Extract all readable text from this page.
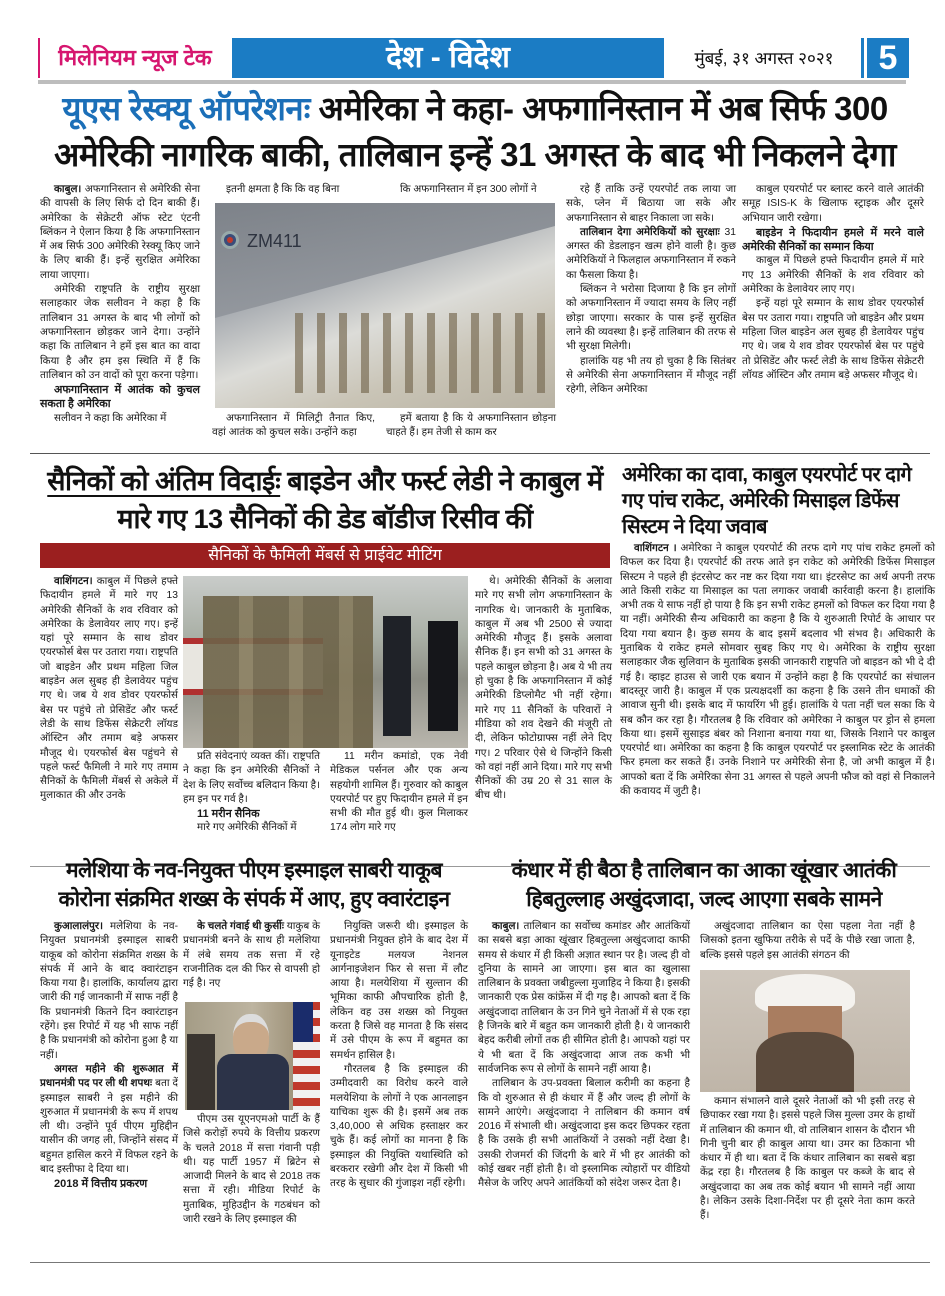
मिलेनियम न्यूज टेक	देश - विदेश	मुंबई, ३१ अगस्त २०२१	5
यूएस रेस्क्यू ऑपरेशनः अमेरिका ने कहा- अफगानिस्तान में अब सिर्फ 300 अमेरिकी नागरिक बाकी, तालिबान इन्हें 31 अगस्त के बाद भी निकलने देगा

काबुल। अफगानिस्तान से अमेरिकी सेना की वापसी के लिए सिर्फ दो दिन बाकी हैं। अमेरिका के सेक्रेटरी ऑफ स्टेट एंटनी ब्लिंकन ने ऐलान किया है कि अफगानिस्तान में अब सिर्फ 300 अमेरिकी रेस्क्यू किए जाने के लिए बाकी हैं। इन्हें सुरक्षित अमेरिका लाया जाएगा।

अमेरिकी राष्ट्रपति के राष्ट्रीय सुरक्षा सलाहकार जेक सलीवन ने कहा है कि तालिबान 31 अगस्त के बाद भी लोगों को अफगानिस्तान छोड़कर जाने देगा। उन्होंने कहा कि तालिबान ने हमें इस बात का वादा किया है और हम इस स्थिति में हैं कि तालिबान को उन वादों को पूरा करना पड़ेगा।

अफगानिस्तान में आतंक को कुचल सकता है अमेरिका

सलीवन ने कहा कि अमेरिका में

इतनी क्षमता है कि कि वह बिना	कि अफगानिस्तान में इन 300 लोगों ने

ZM411

अफगानिस्तान में मिलिट्री तैनात किए, वहां आतंक को कुचल सके। उन्होंने कहा

हमें बताया है कि ये अफगानिस्तान छोड़ना चाहते हैं। हम तेजी से काम कर

रहे हैं ताकि उन्हें एयरपोर्ट तक लाया जा सके, प्लेन में बिठाया जा सके और अफगानिस्तान से बाहर निकाला जा सके।

तालिबान देगा अमेरिकियों को सुरक्षाः 31 अगस्त की डेडलाइन खत्म होने वाली है। कुछ अमेरिकियों ने फिलहाल अफगानिस्तान में रुकने का फैसला किया है।

ब्लिंकन ने भरोसा दिजाया है कि इन लोगों को अफगानिस्तान में ज्यादा समय के लिए नहीं छोड़ा जाएगा। सरकार के पास इन्हें सुरक्षित लाने की व्यवस्था है। इन्हें तालिबान की तरफ से भी सुरक्षा मिलेगी।

हालांकि यह भी तय हो चुका है कि सितंबर से अमेरिकी सेना अफगानिस्तान में मौजूद नहीं रहेगी, लेकिन अमेरिका

काबुल एयरपोर्ट पर ब्लास्ट करने वाले आतंकी समूह ISIS-K के खिलाफ स्ट्राइक और दूसरे अभियान जारी रखेगा।

बाइडेन ने फिदायीन हमले में मरने वाले अमेरिकी सैनिकों का सम्मान किया

काबुल में पिछले हफ्ते फिदायीन हमले में मारे गए 13 अमेरिकी सैनिकों के शव रविवार को अमेरिका के डेलावेयर लाए गए।

इन्हें यहां पूरे सम्मान के साथ डोवर एयरफोर्स बेस पर उतारा गया। राष्ट्रपति जो बाइडेन और प्रथम महिला जिल बाइडेन अल सुबह ही डेलावेयर पहुंच गए थे। जब ये शव डोवर एयरफोर्स बेस पर पहुंचे तो प्रेसिडेंट और फर्स्ट लेडी के साथ डिफेंस सेक्रेटरी लॉयड ऑस्टिन और तमाम बड़े अफसर मौजूद थे।

सैनिकों को अंतिम विदाईः बाइडेन और फर्स्ट लेडी ने काबुल में मारे गए 13 सैनिकों की डेड बॉडीज रिसीव कीं
सैनिकों के फैमिली मेंबर्स से प्राईवेट मीटिंग

वाशिंगटन। काबुल में पिछले हफ्ते फिदायीन हमले में मारे गए 13 अमेरिकी सैनिकों के शव रविवार को अमेरिका के डेलावेयर लाए गए। इन्हें यहां पूरे सम्मान के साथ डोवर एयरफोर्स बेस पर उतारा गया। राष्ट्रपति जो बाइडेन और प्रथम महिला जिल बाइडेन अल सुबह ही डेलावेयर पहुंच गए थे। जब ये शव डोवर एयरफोर्स बेस पर पहुंचे तो प्रेसिडेंट और फर्स्ट लेडी के साथ डिफेंस सेक्रेटरी लॉयड ऑस्टिन और तमाम बड़े अफसर मौजूद थे। एयरफोर्स बेस पहुंचने से पहले फर्स्ट फैमिली ने मारे गए तमाम सैनिकों के फैमिली मेंबर्स से अकेले में मुलाकात की और उनके

प्रति संवेदनाएं व्यक्त कीं। राष्ट्रपति ने कहा कि इन अमेरिकी सैनिकों ने देश के लिए सर्वोच्च बलिदान किया है। हम इन पर गर्व है।

11 मरीन सैनिक

मारे गए अमेरिकी सैनिकों में

11 मरीन कमांडो, एक नेवी मेडिकल पर्सनल और एक अन्य सहयोगी शामिल हैं। गुरुवार को काबुल एयरपोर्ट पर हुए फिदायीन हमले में इन सभी की मौत हुई थी। कुल मिलाकर 174 लोग मारे गए

थे। अमेरिकी सैनिकों के अलावा मारे गए सभी लोग अफगानिस्तान के नागरिक थे। जानकारी के मुताबिक, काबुल में अब भी 2500 से ज्यादा अमेरिकी मौजूद हैं। इसके अलावा सैनिक हैं। इन सभी को 31 अगस्त के पहले काबुल छोड़ना है। अब ये भी तय हो चुका है कि अफगानिस्तान में कोई अमेरिकी डिप्लोमैट भी नहीं रहेगा। मारे गए 11 सैनिकों के परिवारों ने मीडिया को शव देखने की मंजूरी तो दी, लेकिन फोटोग्राफ्स नहीं लेने दिए गए। 2 परिवार ऐसे थे जिन्होंने किसी को वहां नहीं आने दिया। मारे गए सभी सैनिकों की उम्र 20 से 31 साल के बीच थी।

अमेरिका का दावा, काबुल एयरपोर्ट पर दागे गए पांच राकेट, अमेरिकी मिसाइल डिफेंस सिस्टम ने दिया जवाब

वाशिंगटन । अमेरिका ने काबुल एयरपोर्ट की तरफ दागे गए पांच राकेट हमलों को विफल कर दिया है। एयरपोर्ट की तरफ आते इन राकेट को अमेरिकी डिफेंस मिसाइल सिस्टम ने पहले ही इंटरसेप्ट कर नष्ट कर दिया गया था। इंटरसेप्ट का अर्थ अपनी तरफ आते किसी राकेट या मिसाइल का पता लगाकर जवाबी कार्रवाही करना है। हालांकि अभी तक ये साफ नहीं हो पाया है कि इन सभी राकेट हमलों को विफल कर दिया गया है या नहीं। अमेरिकी सैन्य अधिकारी का कहना है कि ये शुरुआती रिपोर्ट के आधार पर दिया गया बयान है। कुछ समय के बाद इसमें बदलाव भी संभव है। अधिकारी के मुताबिक ये राकेट हमले सोमवार सुबह किए गए थे। अमेरिका के राष्ट्रीय सुरक्षा सलाहकार जैक सुलिवान के मुताबिक इसकी जानकारी राष्ट्रपति जो बाइडन को भी दे दी गई है। व्हाइट हाउस से जारी एक बयान में उन्होंने कहा है कि एयरपोर्ट का संचालन बादस्तूर जारी है। काबुल में एक प्रत्यक्षदर्शी का कहना है कि उसने तीन धमाकों की आवाज सुनी थी। इसके बाद में फायरिंग भी हुई। हालांकि ये पता नहीं चल सका कि ये सब कौन कर रहा है। गौरतलब है कि रविवार को अमेरिका ने काबुल पर ड्रोन से हमला किया था। इसमें सुसाइड बंबर को निशाना बनाया गया था, जिसके निशाने पर काबुल एयरपोर्ट था। अमेरिका का कहना है कि काबुल एयरपोर्ट पर इस्लामिक स्टेट के आतंकी फिर हमला कर सकते हैं। उनके निशाने पर अमेरिकी सेना है, जो अभी काबुल में है। आपको बता दें कि अमेरिका सेना 31 अगस्त से पहले अपनी फौज को वहां से निकालने की कवायद में जुटी है।

मलेशिया के नव-नियुक्त पीएम इस्माइल साबरी याकूब कोरोना संक्रमित शख्स के संपर्क में आए, हुए क्वारंटाइन

कुआलालंपुर। मलेशिया के नव-नियुक्त प्रधानमंत्री इस्माइल साबरी याकूब को कोरोना संक्रमित शख्स के संपर्क में आने के बाद क्वारंटाइन किया गया है। हालांकि, कार्यालय द्वारा जारी की गई जानकानी में साफ नहीं है कि प्रधानमंत्री कितने दिन क्वारंटाइन रहेंगे। इस रिपोर्ट में यह भी साफ नहीं है कि प्रधानमंत्री को कोरोना हुआ है या नहीं।

अगस्त महीने की शुरूआत में प्रधानमंत्री पद पर ली थी शपथः बता दें इस्माइल साबरी ने इस महीने की शुरुआत में प्रधानमंत्री के रूप में शपथ ली थी। उन्होंने पूर्व पीएम मुहिद्दीन यासीन की जगह ली, जिन्होंने संसद में बहुमत हासिल करने में विफल रहने के बाद इस्तीफा दे दिया था।

2018 में वित्तीय प्रकरण

के चलते गंवाई थी कुर्सीः याकुब के प्रधानमंत्री बनने के साथ ही मलेशिया में लंबे समय तक सत्ता में रहे राजनीतिक दल की फिर से वापसी हो गई है। नए

पीएम उस यूएनएमओ पार्टी के हैं जिसे करोड़ों रुपये के वित्तीय प्रकरण के चलते 2018 में सत्ता गंवानी पड़ी थी। यह पार्टी 1957 में ब्रिटेन से आजादी मिलने के बाद से 2018 तक सत्ता में रही। मीडिया रिपोर्ट के मुताबिक, मुहिउद्दीन के गठबंधन को जारी रखने के लिए इस्माइल की

नियुक्ति जरूरी थी। इस्माइल के प्रधानमंत्री नियुक्त होने के बाद देश में यूनाइटेड मलयज नेशनल आर्गनाइजेशन फिर से सत्ता में लौट आया है। मलयेशिया में सुल्तान की भूमिका काफी औपचारिक होती है, लेकिन वह उस शख्स को नियुक्त करता है जिसे वह मानता है कि संसद में उसे पीएम के रूप में बहुमत का समर्थन हासिल है।

गौरतलब है कि इस्माइल की उम्मीदवारी का विरोध करने वाले मलयेशिया के लोगों ने एक आनलाइन याचिका शुरू की है। इसमें अब तक 3,40,000 से अधिक हस्ताक्षर कर चुके हैं। कई लोगों का मानना है कि इस्माइल की नियुक्ति यथास्थिति को बरकरार रखेगी और देश में किसी भी तरह के सुधार की गुंजाइश नहीं रहेगी।

कंधार में ही बैठा है तालिबान का आका खूंखार आतंकी हिबतुल्लाह अखुंदजादा, जल्द आएगा सबके सामने

काबुल। तालिबान का सर्वोच्च कमांडर और आतंकियों का सबसे बड़ा आका खूंखार हिबतुल्ला अखुंदजादा काफी समय से कंधार में ही किसी अज्ञात स्थान पर है। जल्द ही वो दुनिया के सामने आ जाएगा। इस बात का खुलासा तालिबान के प्रवक्ता जबीहुल्ला मुजाहिद ने किया है। इसकी जानकारी एक प्रेस कांफ्रेंस में दी गइ है। आपको बता दें कि अखुंदजादा तालिबान के उन गिने चुने नेताओं में से एक रहा है जिनके बारे में बहुत कम जानकारी होती है। ये जानकारी बेहद करीबी लोगों तक ही सीमित होती है। आपको यहां पर ये भी बता दें कि अखुंदजादा आज तक कभी भी सार्वजनिक रूप से लोगों के सामने नहीं आया है।

तालिबान के उप-प्रवक्ता बिलाल करीमी का कहना है कि वो शुरुआत से ही कंधार में हैं और जल्द ही लोगों के सामने आएंगे। अखुंदजादा ने तालिबान की कमान वर्ष 2016 में संभाली थी। अखुंदजादा इस कदर छिपकर रहता है कि उसके ही सभी आतंकियों ने उसको नहीं देखा है। उसकी रोजमर्रा की जिंदगी के बारे में भी हर आतंकी को कोई खबर नहीं होती है। वो इस्लामिक त्योहारों पर वीडियो मैसेज के जरिए अपने आतंकियों को संदेश जरूर देता है।

अखुंदजादा तालिबान का ऐसा पहला नेता नहीं है जिसको इतना खुफिया तरीके से पर्दे के पीछे रखा जाता है, बल्कि इससे पहले इस आतंकी संगठन की

कमान संभालने वाले दूसरे नेताओं को भी इसी तरह से छिपाकर रखा गया है। इससे पहले जिस मुल्ला उमर के हाथों में तालिबान की कमान थी, वो तालिबान शासन के दौरान भी गिनी चुनी बार ही काबुल आया था। उमर का ठिकाना भी कंधार में ही था। बता दें कि कंधार तालिबान का सबसे बड़ा केंद्र रहा है। गौरतलब है कि काबुल पर कब्जे के बाद से अखुंदजादा का अब तक कोई बयान भी सामने नहीं आया है। लेकिन उसके दिशा-निर्देश पर ही दूसरे नेता काम करते हैं।
